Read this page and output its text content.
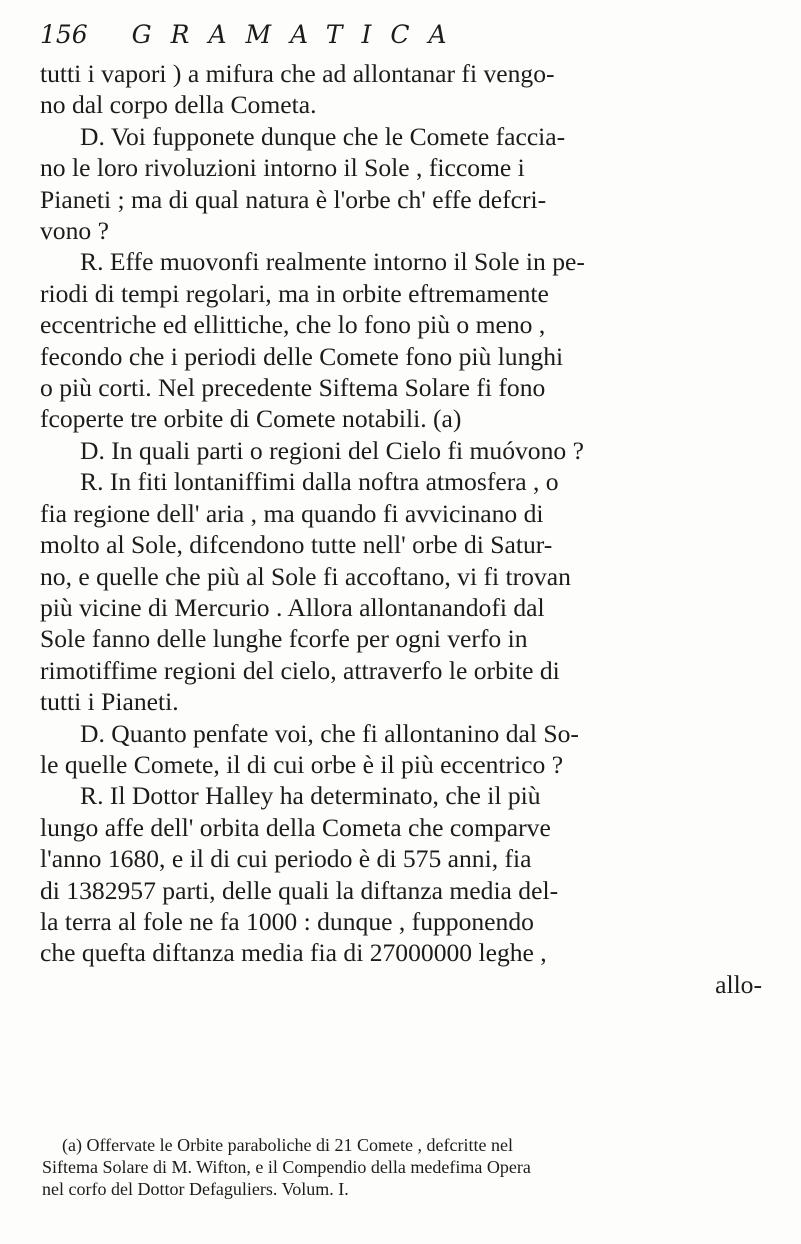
156 GRAMATICA
tutti i vapori ) a mifura che ad allontanar fi vengo-
no dal corpo della Cometa.
D. Voi fupponete dunque che le Comete faccia-
no le loro rivoluzioni intorno il Sole , ficcome i
Pianeti ; ma di qual natura è l'orbe ch' effe defcri-
vono ?
R. Effe muovonfi realmente intorno il Sole in pe-
riodi di tempi regolari, ma in orbite eftremamente
eccentriche ed ellittiche, che lo fono più o meno ,
fecondo che i periodi delle Comete fono più lunghi
o più corti. Nel precedente Siftema Solare fi fono
fcoperte tre orbite di Comete notabili. (a)
D. In quali parti o regioni del Cielo fi muóvono ?
R. In fiti lontaniffimi dalla noftra atmosfera , o
fia regione dell' aria , ma quando fi avvicinano di
molto al Sole, difcendono tutte nell' orbe di Satur-
no, e quelle che più al Sole fi accoftano, vi fi trovan
più vicine di Mercurio . Allora allontanandofi dal
Sole fanno delle lunghe fcorfe per ogni verfo in
rimotiffime regioni del cielo, attraverfo le orbite di
tutti i Pianeti.
D. Quanto penfate voi, che fi allontanino dal So-
le quelle Comete, il di cui orbe è il più eccentrico ?
R. Il Dottor Halley ha determinato, che il più
lungo affe dell' orbita della Cometa che comparve
l'anno 1680, e il di cui periodo è di 575 anni, fia
di 1382957 parti, delle quali la diftanza media del-
la terra al fole ne fa 1000 : dunque , fupponendo
che quefta diftanza media fia di 27000000 leghe ,
allo-
(a) Offervate le Orbite paraboliche di 21 Comete , defcritte nel
Siftema Solare di M. Wifton, e il Compendio della medefima Opera
nel corfo del Dottor Defaguliers. Volum. I.
